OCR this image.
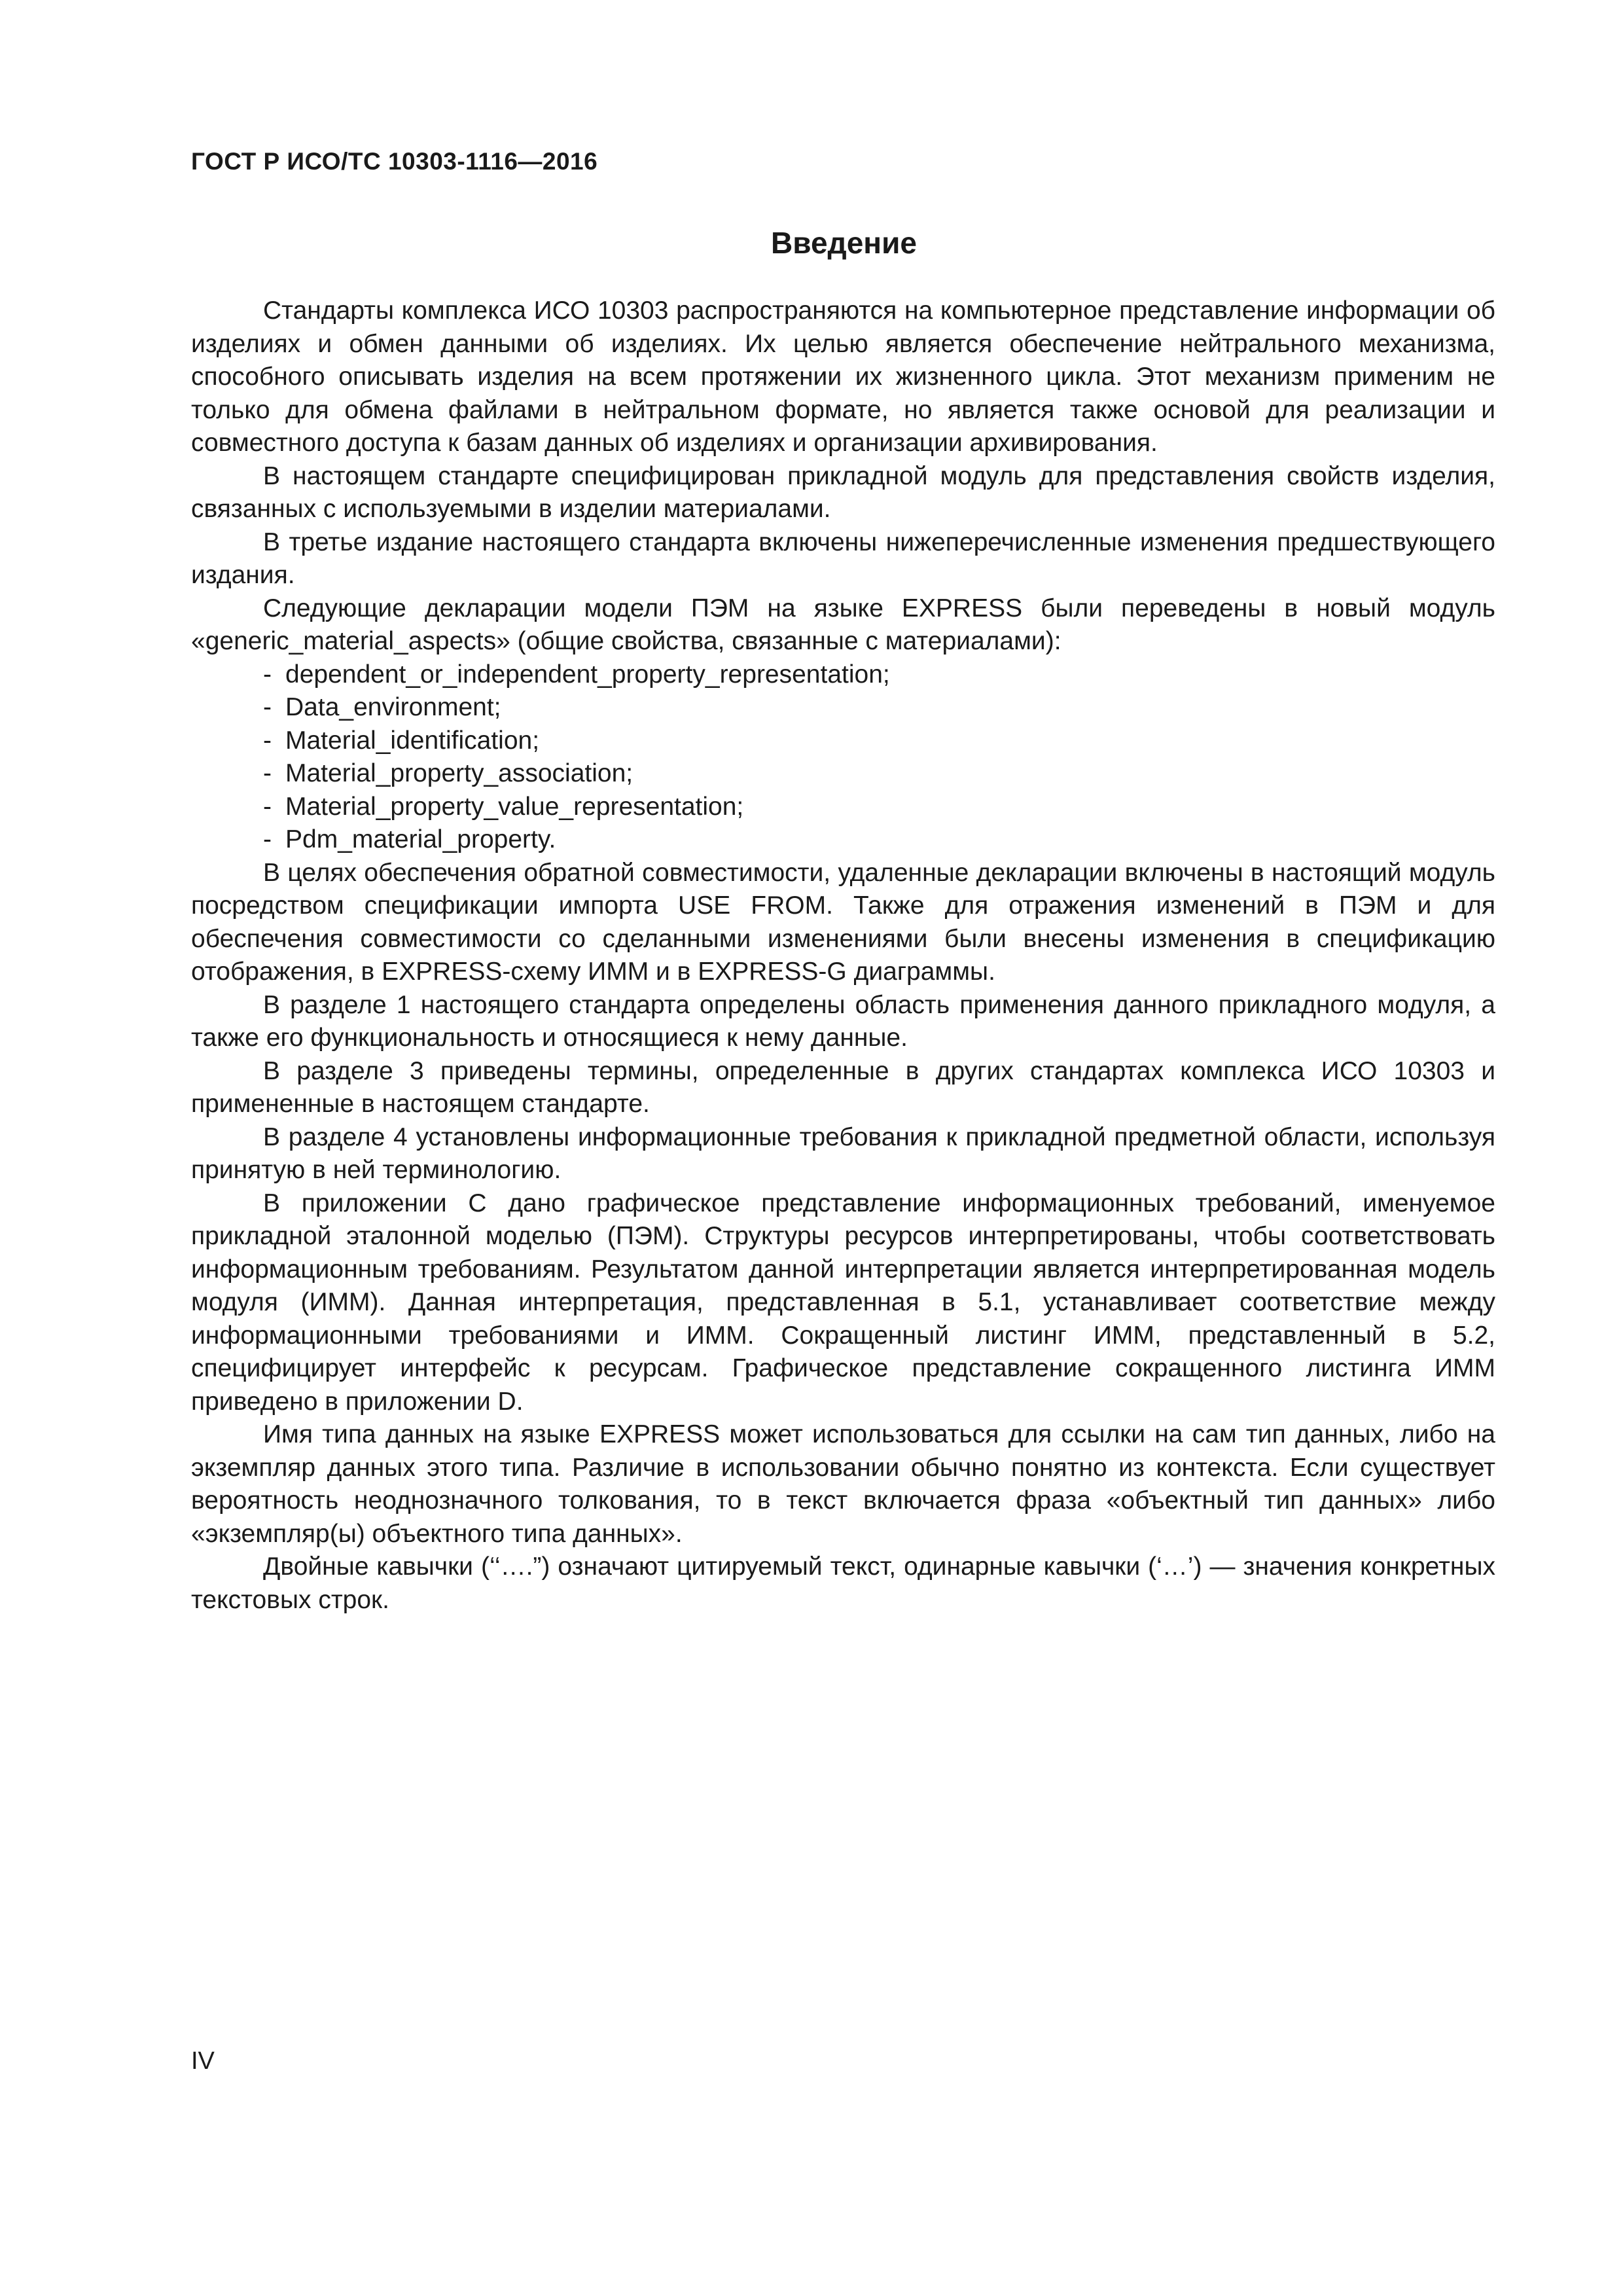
ГОСТ Р ИСО/ТС 10303-1116—2016
Введение

Стандарты комплекса ИСО 10303 распространяются на компьютерное представление информации об изделиях и обмен данными об изделиях. Их целью является обеспечение нейтрального механизма, способного описывать изделия на всем протяжении их жизненного цикла. Этот механизм применим не только для обмена файлами в нейтральном формате, но является также основой для реализации и совместного доступа к базам данных об изделиях и организации архивирования.

В настоящем стандарте специфицирован прикладной модуль для представления свойств изделия, связанных с используемыми в изделии материалами.

В третье издание настоящего стандарта включены нижеперечисленные изменения предшествующего издания.

Следующие декларации модели ПЭМ на языке EXPRESS были переведены в новый модуль «generic_material_aspects» (общие свойства, связанные с материалами):

- dependent_or_independent_property_representation;
- Data_environment;
- Material_identification;
- Material_property_association;
- Material_property_value_representation;
- Pdm_material_property.

В целях обеспечения обратной совместимости, удаленные декларации включены в настоящий модуль посредством спецификации импорта USE FROM. Также для отражения изменений в ПЭМ и для обеспечения совместимости со сделанными изменениями были внесены изменения в спецификацию отображения, в EXPRESS-схему ИММ и в EXPRESS-G диаграммы.

В разделе 1 настоящего стандарта определены область применения данного прикладного модуля, а также его функциональность и относящиеся к нему данные.

В разделе 3 приведены термины, определенные в других стандартах комплекса ИСО 10303 и примененные в настоящем стандарте.

В разделе 4 установлены информационные требования к прикладной предметной области, используя принятую в ней терминологию.

В приложении С дано графическое представление информационных требований, именуемое прикладной эталонной моделью (ПЭМ). Структуры ресурсов интерпретированы, чтобы соответствовать информационным требованиям. Результатом данной интерпретации является интерпретированная модель модуля (ИММ). Данная интерпретация, представленная в 5.1, устанавливает соответствие между информационными требованиями и ИММ. Сокращенный листинг ИММ, представленный в 5.2, специфицирует интерфейс к ресурсам. Графическое представление сокращенного листинга ИММ приведено в приложении D.

Имя типа данных на языке EXPRESS может использоваться для ссылки на сам тип данных, либо на экземпляр данных этого типа. Различие в использовании обычно понятно из контекста. Если существует вероятность неоднозначного толкования, то в текст включается фраза «объектный тип данных» либо «экземпляр(ы) объектного типа данных».

Двойные кавычки (‘‘….”) означают цитируемый текст, одинарные кавычки (‘…’) — значения конкретных текстовых строк.

IV
